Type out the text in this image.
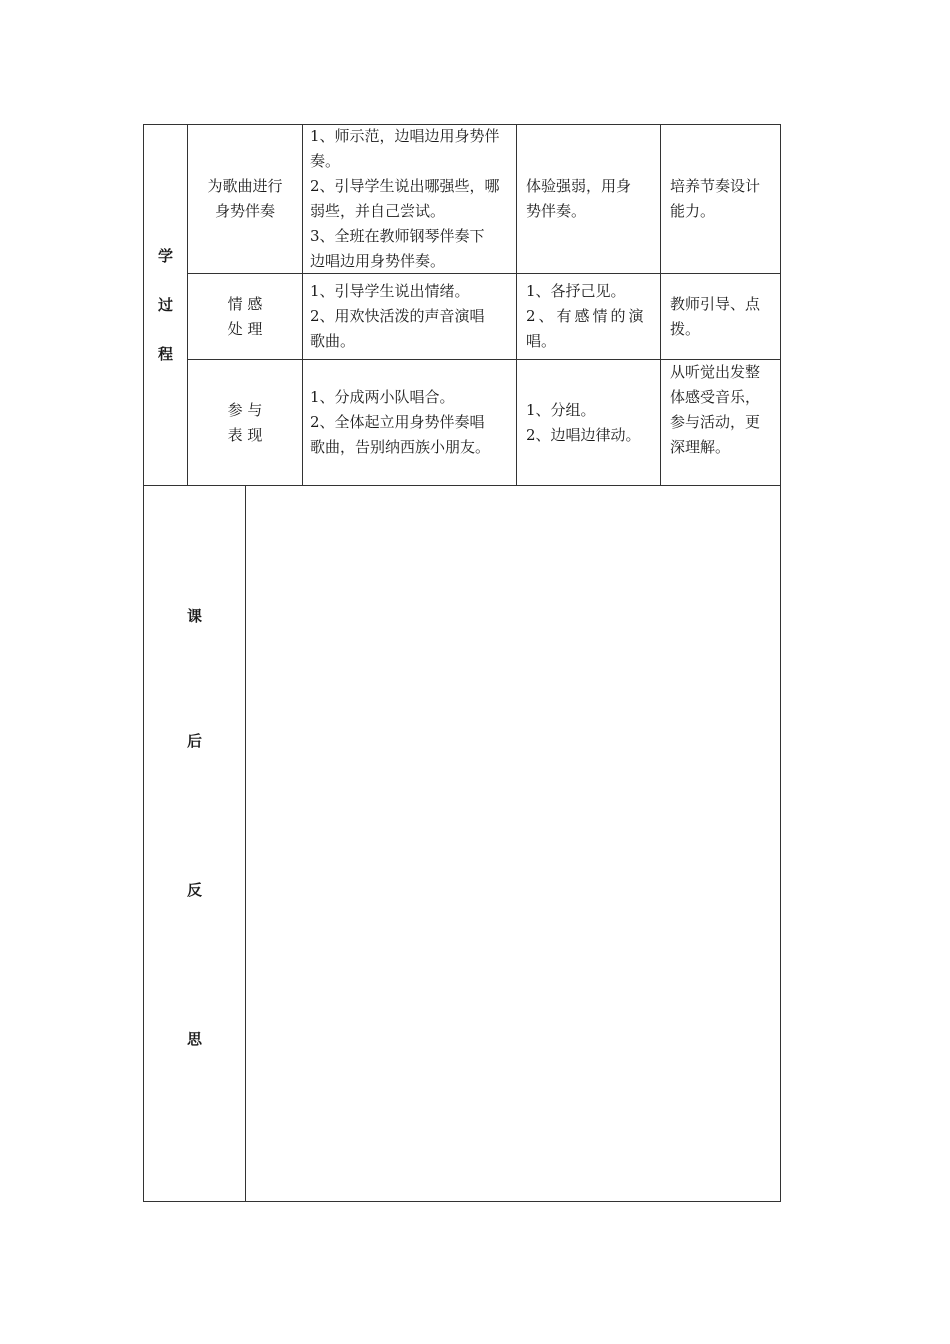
学
过
程
为歌曲进行
身势伴奏
1、师示范，边唱边用身势伴
奏。
2、引导学生说出哪强些，哪
弱些，并自己尝试。
3、全班在教师钢琴伴奏下
边唱边用身势伴奏。
体验强弱，用身
势伴奏。
培养节奏设计
能力。
情 感
处 理
1、引导学生说出情绪。
2、用欢快活泼的声音演唱
歌曲。
1、各抒己见。
2、有感情的演
唱。
教师引导、点
拨。
参 与
表 现
1、分成两小队唱合。
2、全体起立用身势伴奏唱
歌曲，告别纳西族小朋友。
1、分组。
2、边唱边律动。
从听觉出发整
体感受音乐，
参与活动，更
深理解。
课
后
反
思
